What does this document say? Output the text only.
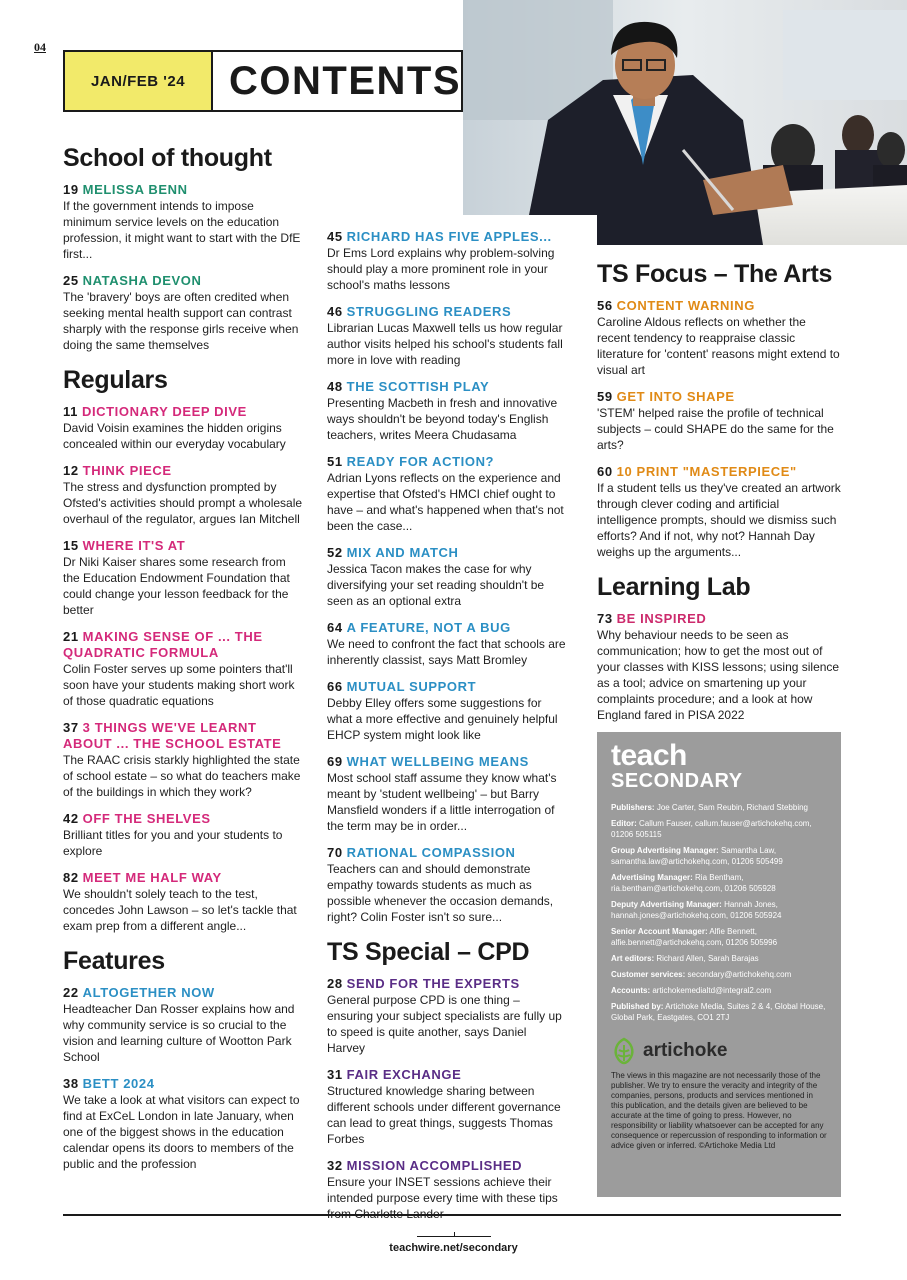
04
JAN/FEB '24	CONTENTS
School of thought
19 MELISSA BENN
If the government intends to impose minimum service levels on the education profession, it might want to start with the DfE first...
25 NATASHA DEVON
The 'bravery' boys are often credited when seeking mental health support can contrast sharply with the response girls receive when doing the same themselves
Regulars
11 DICTIONARY DEEP DIVE
David Voisin examines the hidden origins concealed within our everyday vocabulary
12 THINK PIECE
The stress and dysfunction prompted by Ofsted's activities should prompt a wholesale overhaul of the regulator, argues Ian Mitchell
15 WHERE IT'S AT
Dr Niki Kaiser shares some research from the Education Endowment Foundation that could change your lesson feedback for the better
21 MAKING SENSE OF ... THE QUADRATIC FORMULA
Colin Foster serves up some pointers that'll soon have your students making short work of those quadratic equations
37 3 THINGS WE'VE LEARNT ABOUT ... THE SCHOOL ESTATE
The RAAC crisis starkly highlighted the state of school estate – so what do teachers make of the buildings in which they work?
42 OFF THE SHELVES
Brilliant titles for you and your students to explore
82 MEET ME HALF WAY
We shouldn't solely teach to the test, concedes John Lawson – so let's tackle that exam prep from a different angle...
Features
22 ALTOGETHER NOW
Headteacher Dan Rosser explains how and why community service is so crucial to the vision and learning culture of Wootton Park School
38 BETT 2024
We take a look at what visitors can expect to find at ExCeL London in late January, when one of the biggest shows in the education calendar opens its doors to members of the public and the profession
45 RICHARD HAS FIVE APPLES...
Dr Ems Lord explains why problem-solving should play a more prominent role in your school's maths lessons
46 STRUGGLING READERS
Librarian Lucas Maxwell tells us how regular author visits helped his school's students fall more in love with reading
48 THE SCOTTISH PLAY
Presenting Macbeth in fresh and innovative ways shouldn't be beyond today's English teachers, writes Meera Chudasama
51 READY FOR ACTION?
Adrian Lyons reflects on the experience and expertise that Ofsted's HMCI chief ought to have – and what's happened when that's not been the case...
52 MIX AND MATCH
Jessica Tacon makes the case for why diversifying your set reading shouldn't be seen as an optional extra
64 A FEATURE, NOT A BUG
We need to confront the fact that schools are inherently classist, says Matt Bromley
66 MUTUAL SUPPORT
Debby Elley offers some suggestions for what a more effective and genuinely helpful EHCP system might look like
69 WHAT WELLBEING MEANS
Most school staff assume they know what's meant by 'student wellbeing' – but Barry Mansfield wonders if a little interrogation of the term may be in order...
70 RATIONAL COMPASSION
Teachers can and should demonstrate empathy towards students as much as possible whenever the occasion demands, right? Colin Foster isn't so sure...
TS Special – CPD
28 SEND FOR THE EXPERTS
General purpose CPD is one thing – ensuring your subject specialists are fully up to speed is quite another, says Daniel Harvey
31 FAIR EXCHANGE
Structured knowledge sharing between different schools under different governance can lead to great things, suggests Thomas Forbes
32 MISSION ACCOMPLISHED
Ensure your INSET sessions achieve their intended purpose every time with these tips
TS Focus – The Arts
56 CONTENT WARNING
Caroline Aldous reflects on whether the recent tendency to reappraise classic literature for 'content' reasons might extend to visual art
59 GET INTO SHAPE
'STEM' helped raise the profile of technical subjects – could SHAPE do the same for the arts?
60 10 PRINT "MASTERPIECE"
If a student tells us they've created an artwork through clever coding and artificial intelligence prompts, should we dismiss such efforts? And if not, why not? Hannah Day weighs up the arguments...
Learning Lab
73 BE INSPIRED
Why behaviour needs to be seen as communication; how to get the most out of your classes with KISS lessons; using silence as a tool; advice on smartening up your complaints procedure; and a look at how England fared in PISA 2022
teach
SECONDARY
Publishers: Joe Carter, Sam Reubin, Richard Stebbing
Editor: Callum Fauser, callum.fauser@artichokehq.com, 01206 505115
Group Advertising Manager: Samantha Law, samantha.law@artichokehq.com, 01206 505499
Advertising Manager: Ria Bentham, ria.bentham@artichokehq.com, 01206 505928
Deputy Advertising Manager: Hannah Jones, hannah.jones@artichokehq.com, 01206 505924
Senior Account Manager: Alfie Bennett, alfie.bennett@artichokehq.com, 01206 505996
Art editors: Richard Allen, Sarah Barajas
Customer services: secondary@artichokehq.com
Accounts: artichokemedialtd@integral2.com
Published by: Artichoke Media, Suites 2 & 4, Global House, Global Park, Eastgates, CO1 2TJ
artichoke
The views in this magazine are not necessarily those of the publisher. We try to ensure the veracity and integrity of the companies, persons, products and services mentioned in this publication, and the details given are believed to be accurate at the time of going to press. However, no responsibility or liability whatsoever can be accepted for any consequence or repercussion of responding to information or advice given or inferred. ©Artichoke Media Ltd
teachwire.net/secondary
